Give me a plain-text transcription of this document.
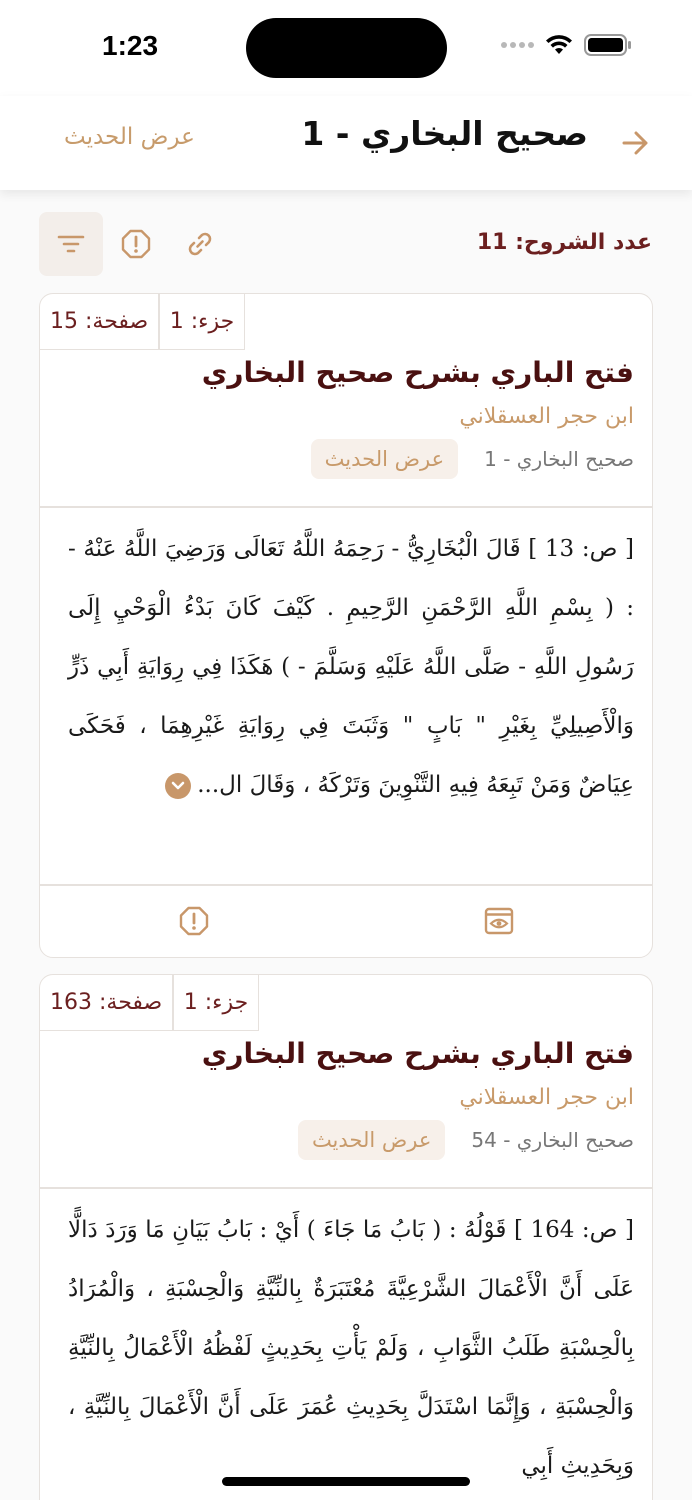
1:23
صحيح البخاري - 1
عرض الحديث
عدد الشروح: 11
جزء: 1
صفحة: 15
فتح الباري بشرح صحيح البخاري
ابن حجر العسقلاني
صحيح البخاري - 1
عرض الحديث
[ ص: 13 ] قَالَ الْبُخَارِيُّ - رَحِمَهُ اللَّهُ تَعَالَى وَرَضِيَ اللَّهُ عَنْهُ - : ( بِسْمِ اللَّهِ الرَّحْمَنِ الرَّحِيمِ . كَيْفَ كَانَ بَدْءُ الْوَحْيِ إِلَى رَسُولِ اللَّهِ - صَلَّى اللَّهُ عَلَيْهِ وَسَلَّمَ - ) هَكَذَا فِي رِوَايَةِ أَبِي ذَرٍّ وَالْأَصِيلِيِّ بِغَيْرِ " بَابٍ " وَثَبَتَ فِي رِوَايَةِ غَيْرِهِمَا ، فَحَكَى عِيَاضٌ وَمَنْ تَبِعَهُ فِيهِ التَّنْوِينَ وَتَرْكَهُ ، وَقَالَ ال...
جزء: 1
صفحة: 163
فتح الباري بشرح صحيح البخاري
ابن حجر العسقلاني
صحيح البخاري - 54
عرض الحديث
[ ص: 164 ] قَوْلُهُ : ( بَابُ مَا جَاءَ ) أَيْ : بَابُ بَيَانِ مَا وَرَدَ دَالًّا عَلَى أَنَّ الْأَعْمَالَ الشَّرْعِيَّةَ مُعْتَبَرَةٌ بِالنِّيَّةِ وَالْحِسْبَةِ ، وَالْمُرَادُ بِالْحِسْبَةِ طَلَبُ الثَّوَابِ ، وَلَمْ يَأْتِ بِحَدِيثٍ لَفْظُهُ الْأَعْمَالُ بِالنِّيَّةِ وَالْحِسْبَةِ ، وَإِنَّمَا اسْتَدَلَّ بِحَدِيثِ عُمَرَ عَلَى أَنَّ الْأَعْمَالَ بِالنِّيَّةِ ، وَبِحَدِيثِ أَبِي
